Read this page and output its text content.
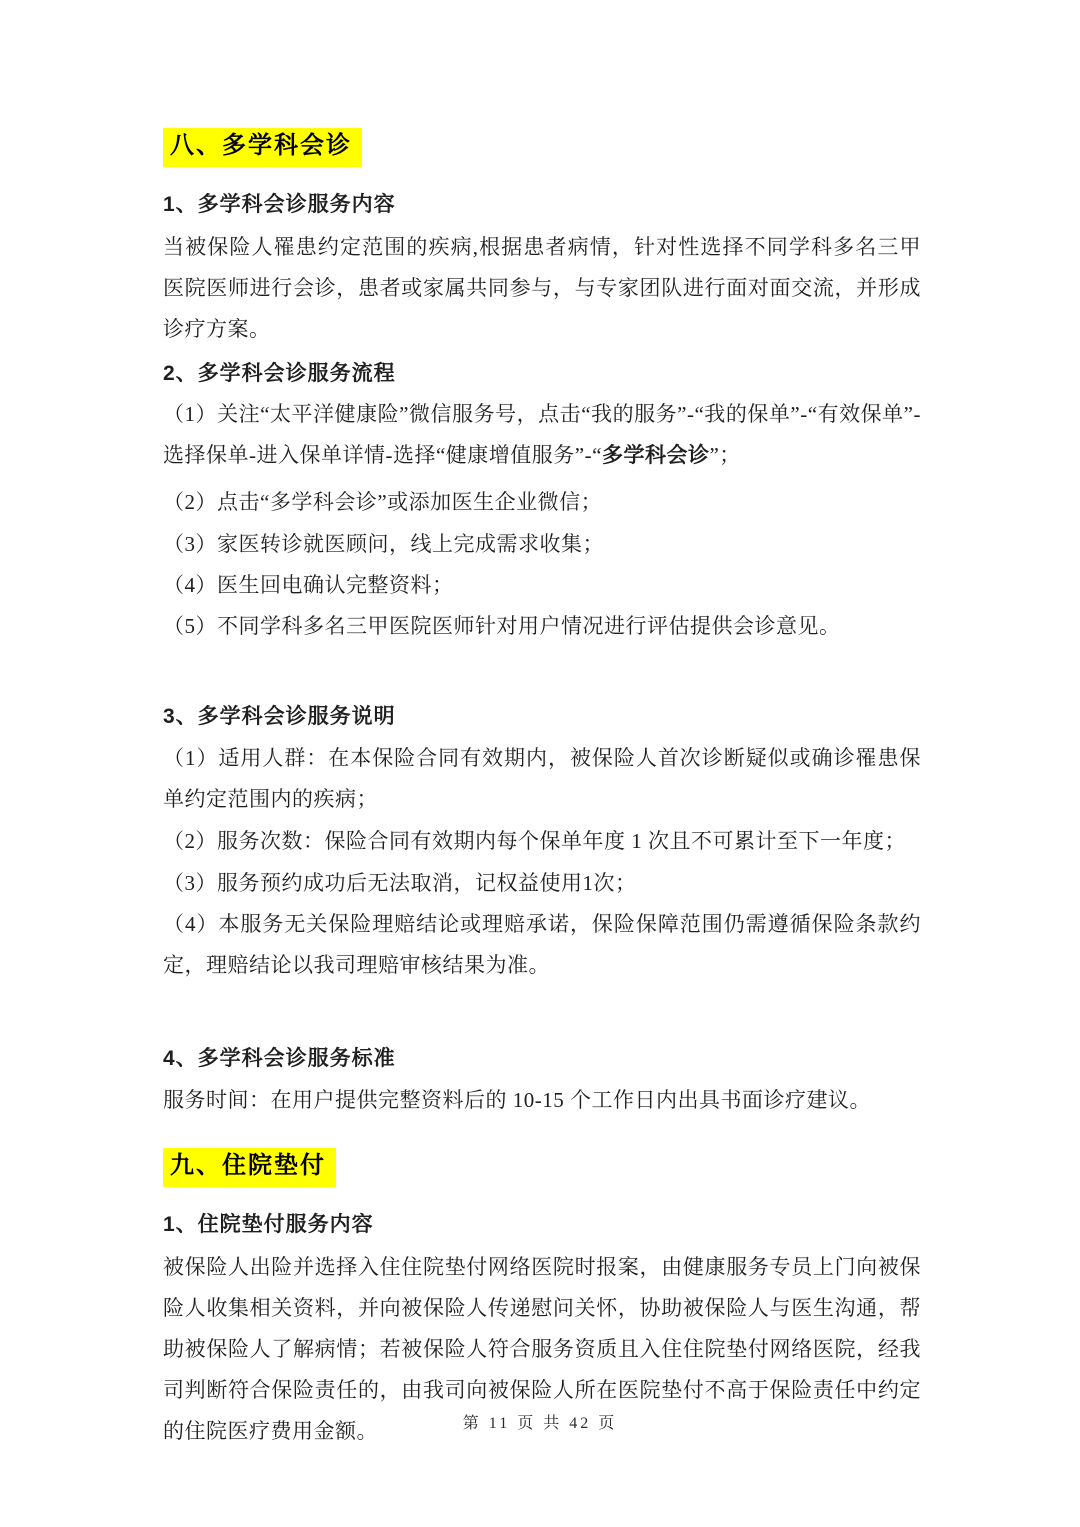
八、多学科会诊
1、多学科会诊服务内容

当被保险人罹患约定范围的疾病,根据患者病情，针对性选择不同学科多名三甲医院医师进行会诊，患者或家属共同参与，与专家团队进行面对面交流，并形成诊疗方案。

2、多学科会诊服务流程

（1）关注“太平洋健康险”微信服务号，点击“我的服务”-“我的保单”-“有效保单”-选择保单-进入保单详情-选择“健康增值服务”-“多学科会诊”；

（2）点击“多学科会诊”或添加医生企业微信；

（3）家医转诊就医顾问，线上完成需求收集；

（4）医生回电确认完整资料；

（5）不同学科多名三甲医院医师针对用户情况进行评估提供会诊意见。

3、多学科会诊服务说明

（1）适用人群：在本保险合同有效期内，被保险人首次诊断疑似或确诊罹患保单约定范围内的疾病；

（2）服务次数：保险合同有效期内每个保单年度 1 次且不可累计至下一年度；

（3）服务预约成功后无法取消，记权益使用1次；

（4）本服务无关保险理赔结论或理赔承诺，保险保障范围仍需遵循保险条款约定，理赔结论以我司理赔审核结果为准。

4、多学科会诊服务标准

服务时间：在用户提供完整资料后的 10-15 个工作日内出具书面诊疗建议。

九、住院垫付
1、住院垫付服务内容

被保险人出险并选择入住住院垫付网络医院时报案，由健康服务专员上门向被保险人收集相关资料，并向被保险人传递慰问关怀，协助被保险人与医生沟通，帮助被保险人了解病情；若被保险人符合服务资质且入住住院垫付网络医院，经我司判断符合保险责任的，由我司向被保险人所在医院垫付不高于保险责任中约定的住院医疗费用金额。	第 11 页 共 42 页
